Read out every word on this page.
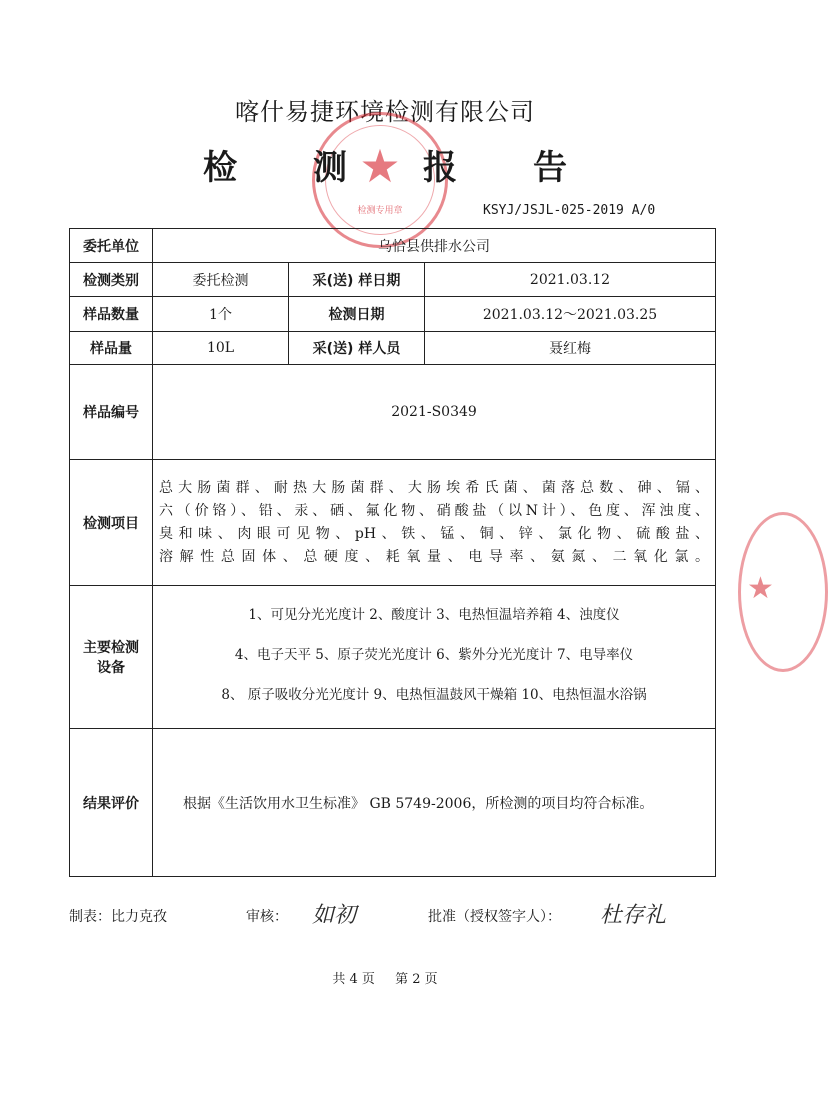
喀什易捷环境检测有限公司
★
检测专用章
检 测 报 告
KSYJ/JSJL-025-2019 A/0
★
委托单位	乌恰县供排水公司		
检测类别	委托检测	采(送) 样日期	2021.03.12
样品数量	1个	检测日期	2021.03.12～2021.03.25
样品量	10L	采(送) 样人员	聂红梅
样品编号	2021-S0349		
检测项目	总大肠菌群、耐热大肠菌群、大肠埃希氏菌、菌落总数、砷、镉、
六（价铬）、铅、汞、硒、氟化物、硝酸盐（以N计）、色度、浑浊度、
臭和味、肉眼可见物、pH、铁、锰、铜、锌、氯化物、硫酸盐、
溶解性总固体、总硬度、耗氧量、电导率、氨氮、二氧化氯。		

主要检测
设备	1、可见分光光度计 2、酸度计 3、电热恒温培养箱 4、浊度仪
4、电子天平 5、原子荧光光度计 6、紫外分光光度计 7、电导率仪
8、 原子吸收分光光度计 9、电热恒温鼓风干燥箱 10、电热恒温水浴锅		

结果评价	根据《生活饮用水卫生标准》 GB 5749-2006，所检测的项目均符合标准。		
制表：比力克孜	审核： 如初	批准（授权签字人）： 杜存礼
共 4 页 第 2 页
